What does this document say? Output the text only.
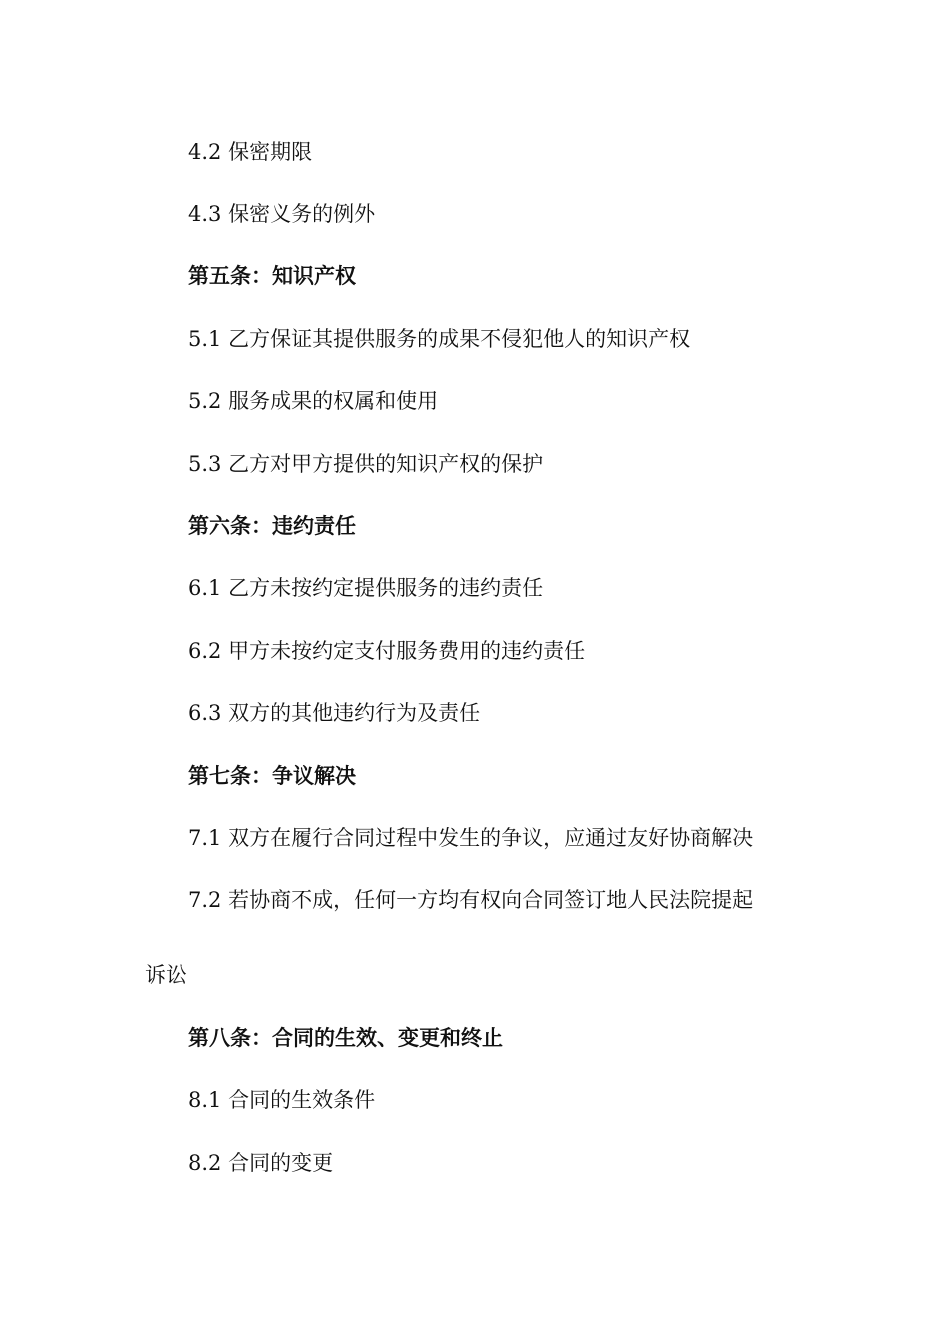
4.2 保密期限
4.3 保密义务的例外
第五条：知识产权
5.1 乙方保证其提供服务的成果不侵犯他人的知识产权
5.2 服务成果的权属和使用
5.3 乙方对甲方提供的知识产权的保护
第六条：违约责任
6.1 乙方未按约定提供服务的违约责任
6.2 甲方未按约定支付服务费用的违约责任
6.3 双方的其他违约行为及责任
第七条：争议解决
7.1 双方在履行合同过程中发生的争议，应通过友好协商解决
7.2 若协商不成，任何一方均有权向合同签订地人民法院提起
诉讼
第八条：合同的生效、变更和终止
8.1 合同的生效条件
8.2 合同的变更
